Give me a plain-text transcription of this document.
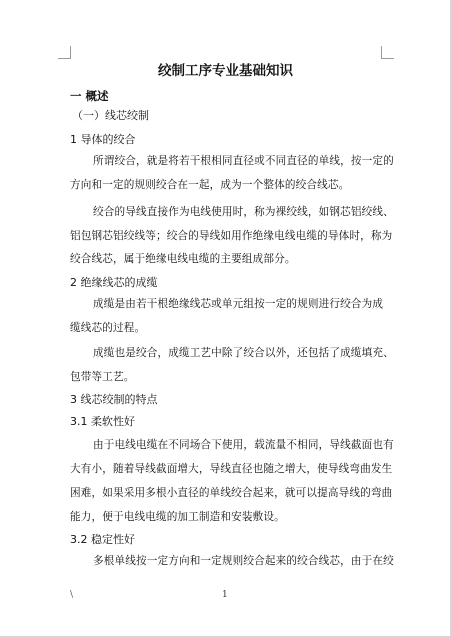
绞制工序专业基础知识
一 概述
（一）线芯绞制
1 导体的绞合
所谓绞合，就是将若干根相同直径或不同直径的单线，按一定的
方向和一定的规则绞合在一起，成为一个整体的绞合线芯。
绞合的导线直接作为电线使用时，称为裸绞线，如钢芯铝绞线、
铝包钢芯铝绞线等；绞合的导线如用作绝缘电线电缆的导体时，称为
绞合线芯，属于绝缘电线电缆的主要组成部分。
2 绝缘线芯的成缆
成缆是由若干根绝缘线芯或单元组按一定的规则进行绞合为成
缆线芯的过程。
成缆也是绞合，成缆工艺中除了绞合以外，还包括了成缆填充、
包带等工艺。
3 线芯绞制的特点
3.1 柔软性好
由于电线电缆在不同场合下使用，载流量不相同，导线截面也有
大有小，随着导线截面增大，导线直径也随之增大，使导线弯曲发生
困难，如果采用多根小直径的单线绞合起来，就可以提高导线的弯曲
能力，便于电线电缆的加工制造和安装敷设。
3.2 稳定性好
多根单线按一定方向和一定规则绞合起来的绞合线芯，由于在绞
\	1
